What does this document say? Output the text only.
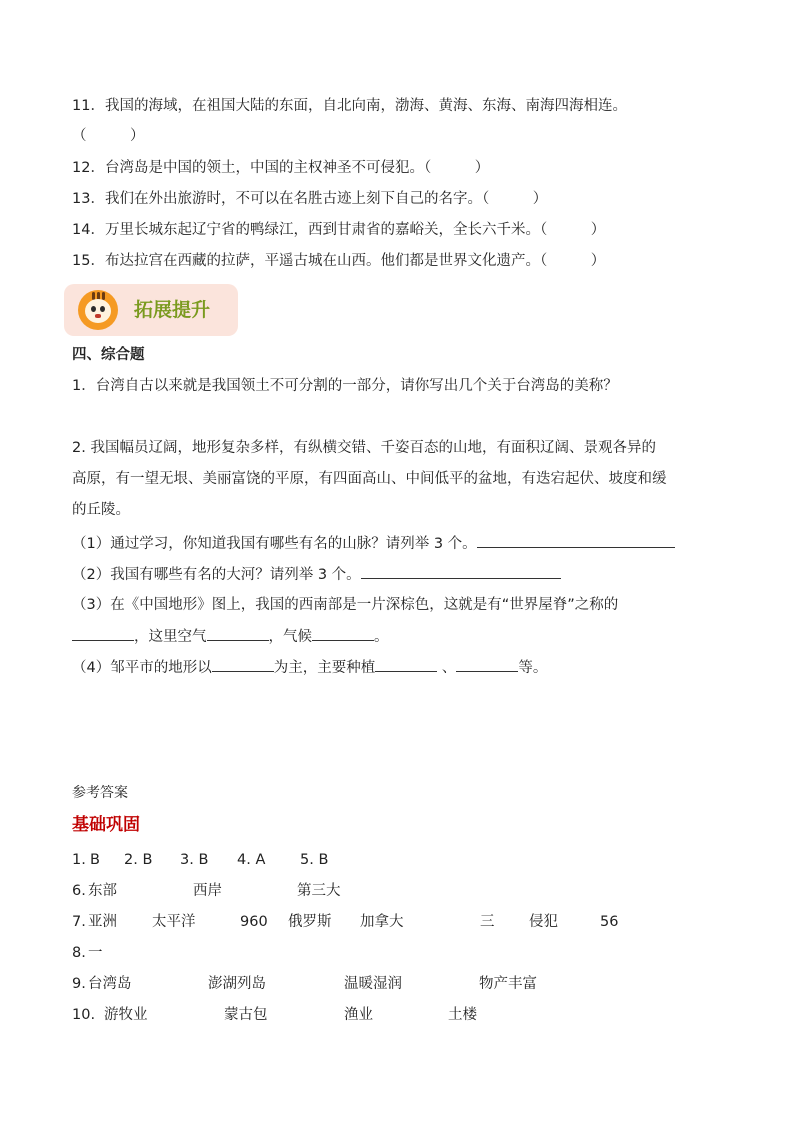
11．我国的海域，在祖国大陆的东面，自北向南，渤海、黄海、东海、南海四海相连。
（　　　）
12．台湾岛是中国的领土，中国的主权神圣不可侵犯。（　　　）
13．我们在外出旅游时，不可以在名胜古迹上刻下自己的名字。（　　　）
14．万里长城东起辽宁省的鸭绿江，西到甘肃省的嘉峪关，全长六千米。（　　　）
15．布达拉宫在西藏的拉萨，平遥古城在山西。他们都是世界文化遗产。（　　　）
拓展提升
四、综合题
1．台湾自古以来就是我国领土不可分割的一部分，请你写出几个关于台湾岛的美称？
2. 我国幅员辽阔，地形复杂多样，有纵横交错、千姿百态的山地，有面积辽阔、景观各异的
高原，有一望无垠、美丽富饶的平原，有四面高山、中间低平的盆地，有迭宕起伏、坡度和缓
的丘陵。
（1）通过学习，你知道我国有哪些有名的山脉？请列举 3 个。
（2）我国有哪些有名的大河？请列举 3 个。
（3）在《中国地形》图上，我国的西南部是一片深棕色，这就是有“世界屋脊”之称的
，这里空气	，气候	。
（4）邹平市的地形以	为主，主要种植	、	等。
参考答案
基础巩固
1. B 2. B 3. B 4. A 5. B
6. 东部	西岸	第三大
7. 亚洲 太平洋	960 俄罗斯 加拿大	三 侵犯	56
8. 一
9. 台湾岛	澎湖列岛	温暖湿润	物产丰富
10. 游牧业	蒙古包	渔业	土楼
